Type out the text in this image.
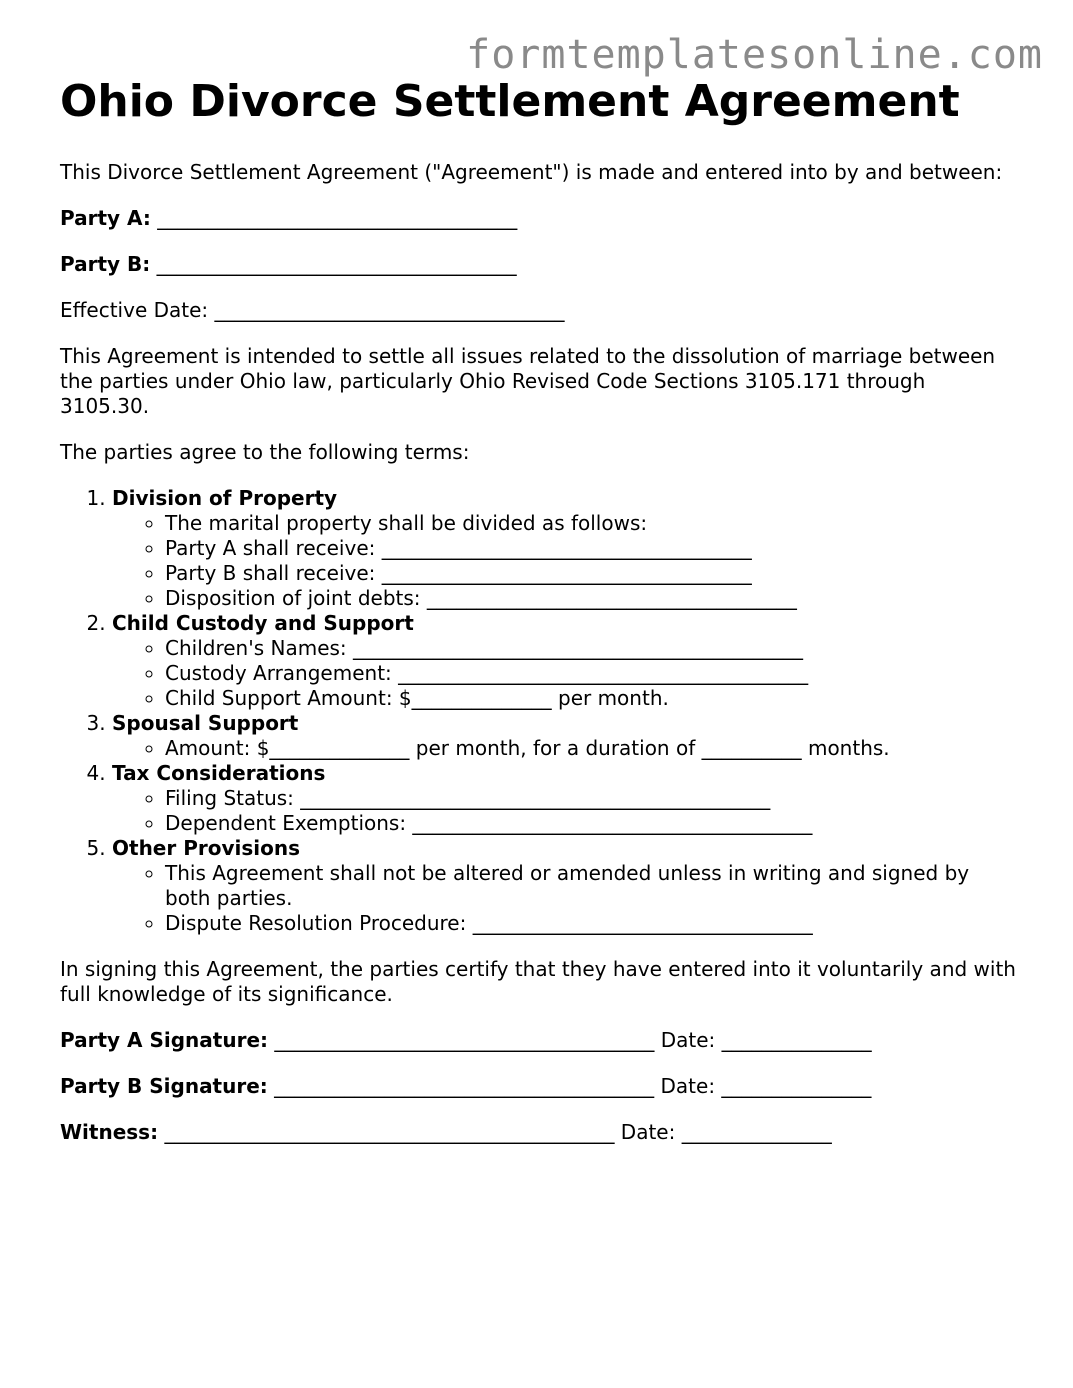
formtemplatesonline.com
Ohio Divorce Settlement Agreement

This Divorce Settlement Agreement ("Agreement") is made and entered into by and between:

Party A: ____________________________________

Party B: ____________________________________

Effective Date: ___________________________________

This Agreement is intended to settle all issues related to the dissolution of marriage between the parties under Ohio law, particularly Ohio Revised Code Sections 3105.171 through 3105.30.

The parties agree to the following terms:

1. Division of Property
◦ The marital property shall be divided as follows:
◦ Party A shall receive: _____________________________________
◦ Party B shall receive: _____________________________________
◦ Disposition of joint debts: _____________________________________
2. Child Custody and Support
◦ Children's Names: _____________________________________________
◦ Custody Arrangement: _________________________________________
◦ Child Support Amount: $______________ per month.
3. Spousal Support
◦ Amount: $______________ per month, for a duration of __________ months.
4. Tax Considerations
◦ Filing Status: _______________________________________________
◦ Dependent Exemptions: ________________________________________
5. Other Provisions
◦ This Agreement shall not be altered or amended unless in writing and signed by both parties.
◦ Dispute Resolution Procedure: __________________________________

In signing this Agreement, the parties certify that they have entered into it voluntarily and with full knowledge of its significance.

Party A Signature: ______________________________________ Date: _______________

Party B Signature: ______________________________________ Date: _______________

Witness: _____________________________________________ Date: _______________
